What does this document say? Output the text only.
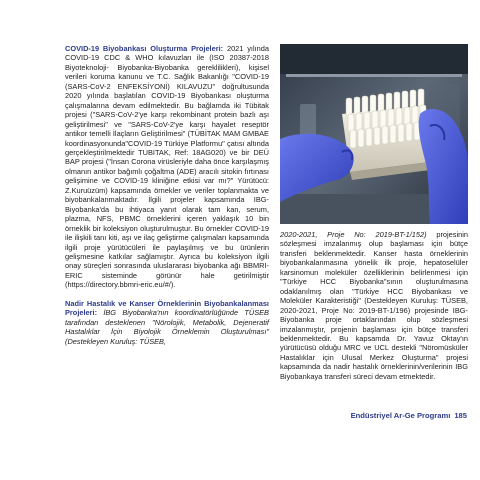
COVID-19 Biyobankası Oluşturma Projeleri: 2021 yılında COVID-19 CDC & WHO kılavuzları ile (ISO 20387-2018 Biyoteknoloji- Biyobanka-Biyobanka gereklilikleri), kişisel verileri koruma kanunu ve T.C. Sağlık Bakanlığı "COVID-19 (SARS-CoV-2 ENFEKSİYONİ) KILAVUZU" doğrultusunda 2020 yılında başlatılan COVID-19 Biyobankası oluşturma çalışmalarına devam edilmektedir. Bu bağlamda iki Tübitak projesi ("SARS-CoV-2'ye karşı rekombinant protein bazlı aşı geliştirilmesi" ve "SARS-CoV-2'ye karşı hayalet reseptör antikor temelli İlaçların Geliştirilmesi" (TÜBİTAK MAM GMBAE koordinasyonunda"COVID-19 Türkiye Platformu" çatısı altında gerçekleştirilmektedir TUBITAK, Ref: 18AG020) ve bir DEÜ BAP projesi ("İnsan Corona virüsleriyle daha önce karşılaşmış olmanın antikor bağımlı çoğaltma (ADE) aracılı sitokin fırtınası gelişimine ve COVID-19 kliniğine etkisi var mı?" Yürütücü: Z.Kuruüzüm) kapsamında örnekler ve veriler toplanmakta ve biyobankalanmaktadır. İlgili projeler kapsamında IBG-Biyobanka'da bu ihtiyaca yanıt olarak tam kan, serum, plazma, NFS, PBMC örneklerini içeren yaklaşık 10 bin örneklik bir koleksiyon oluşturulmuştur. Bu örnekler COVID-19 ile ilişkili tanı kiti, aşı ve ilaç geliştirme çalışmaları kapsamında ilgili proje yürütücüleri ile paylaşılmış ve bu ürünlerin gelişmesine katkılar sağlamıştır. Ayrıca bu koleksiyon ilgili onay süreçleri sonrasında uluslararası biyobanka ağı BBMRI-ERIC sisteminde görünür hale getirilmiştir (https://directory.bbmri-eric.eu/#/).

Nadir Hastalık ve Kanser Örneklerinin Biyobankalanması Projeleri: İBG Biyobanka'nın koordinatörlüğünde TÜSEB tarafından desteklenen "Nörolojik, Metabolik, Dejeneratif Hastalıklar İçin Biyolojik Örneklemin Oluşturulması" (Destekleyen Kuruluş: TÜSEB,

2020-2021, Proje No: 2019-BT-1/152) projesinin sözleşmesi imzalanmış olup başlaması için bütçe transferi beklenmektedir. Kanser hasta örneklerinin biyobankalanmasına yönelik ilk proje, hepatoselüler karsinomun moleküler özelliklerinin belirlenmesi için "Türkiye HCC Biyobanka"sının oluşturulmasına odaklanılmış olan "Türkiye HCC Biyobankası ve Moleküler Karakteristiği" (Destekleyen Kuruluş: TÜSEB, 2020-2021, Proje No: 2019-BT-1/196) projesinde IBG-Biyobanka proje ortaklarından olup sözleşmesi imzalanmıştır, projenin başlaması için bütçe transferi beklenmektedir. Bu kapsamda Dr. Yavuz Oktay'ın yürütücüsü olduğu MRC ve UCL destekli "Nöromüsküler Hastalıklar için Ulusal Merkez Oluşturma" projesi kapsamında da nadir hastalık örneklerinin/verilerinin IBG Biyobankaya transferi süreci devam etmektedir.

Endüstriyel Ar-Ge Programı 185
